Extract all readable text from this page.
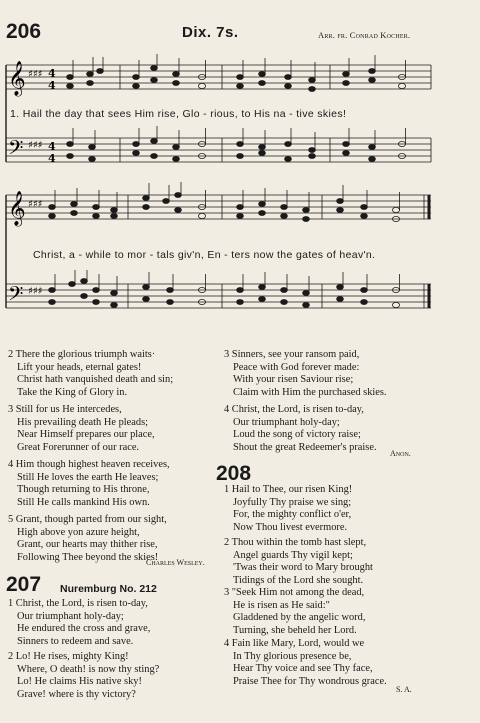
206	Dix. 7s.	Arr. fr. Conrad Kocher.
𝄞
𝄢
♯♯♯
♯♯♯
4
4
4
4
1. Hail the day that sees Him rise, Glo - rious, to His na - tive skies!
𝄞
𝄢
♯♯♯
♯♯♯
Christ, a - while to mor - tals giv'n, En - ters now the gates of heav'n.
2 There the glorious triumph waits·
Lift your heads, eternal gates!
Christ hath vanquished death and sin;
Take the King of Glory in.
3 Still for us He intercedes,
His prevailing death He pleads;
Near Himself prepares our place,
Great Forerunner of our race.
4 Him though highest heaven receives,
Still He loves the earth He leaves;
Though returning to His throne,
Still He calls mankind His own.
5 Grant, though parted from our sight,
High above yon azure height,
Grant, our hearts may thither rise,
Following Thee beyond the skies!
Charles Wesley.
207 Nuremburg No. 212
1 Christ, the Lord, is risen to-day,
Our triumphant holy-day;
He endured the cross and grave,
Sinners to redeem and save.
2 Lo! He rises, mighty King!
Where, O death! is now thy sting?
Lo! He claims His native sky!
Grave! where is thy victory?
3 Sinners, see your ransom paid,
Peace with God forever made:
With your risen Saviour rise;
Claim with Him the purchased skies.
4 Christ, the Lord, is risen to-day,
Our triumphant holy-day;
Loud the song of victory raise;
Shout the great Redeemer's praise.
Anon.
208
1 Hail to Thee, our risen King!
Joyfully Thy praise we sing;
For, the mighty conflict o'er,
Now Thou livest evermore.
2 Thou within the tomb hast slept,
Angel guards Thy vigil kept;
'Twas their word to Mary brought
Tidings of the Lord she sought.
3 "Seek Him not among the dead,
He is risen as He said:"
Gladdened by the angelic word,
Turning, she beheld her Lord.
4 Fain like Mary, Lord, would we
In Thy glorious presence be,
Hear Thy voice and see Thy face,
Praise Thee for Thy wondrous grace.
S. A.
